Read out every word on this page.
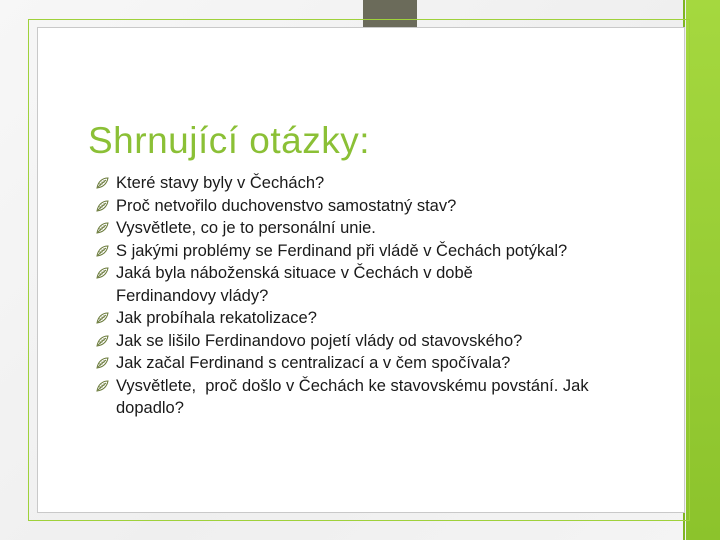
Shrnující otázky:
Které stavy byly v Čechách?
Proč netvořilo duchovenstvo samostatný stav?
Vysvětlete, co je to personální unie.
S jakými problémy se Ferdinand při vládě v Čechách potýkal?
Jaká byla náboženská situace v Čechách v době Ferdinandovy vlády?
Jak probíhala rekatolizace?
Jak se lišilo Ferdinandovo pojetí vlády od stavovského?
Jak začal Ferdinand s centralizací a v čem spočívala?
Vysvětlete,  proč došlo v Čechách ke stavovskému povstání. Jak dopadlo?
